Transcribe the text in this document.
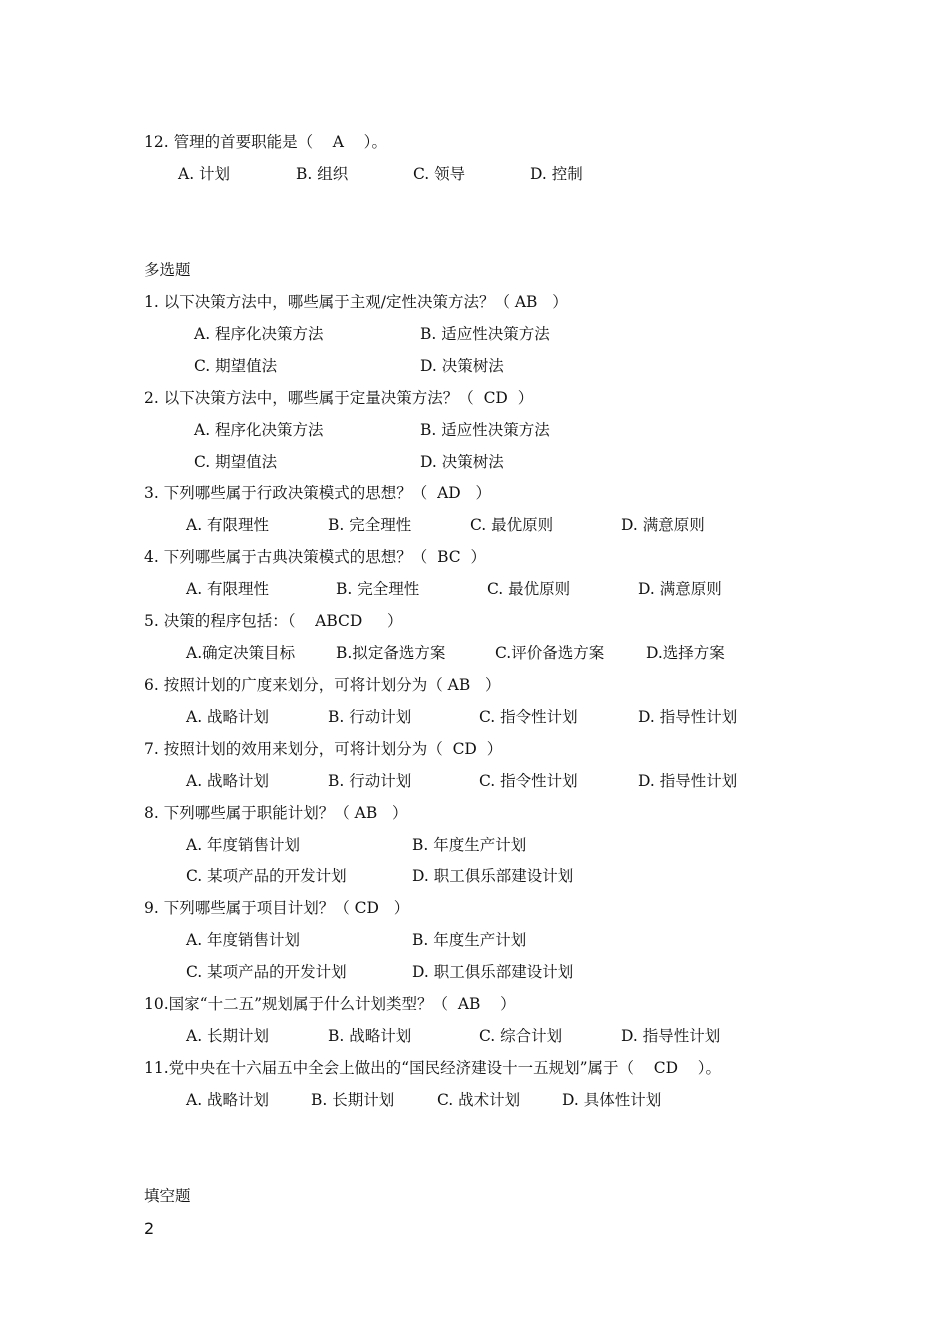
12. 管理的首要职能是（    A    ）。

A. 计划

	B. 组织

	C. 领导

	D. 控制

多选题
1. 以下决策方法中，哪些属于主观/定性决策方法？（ AB   ）

A. 程序化决策方法

	B. 适应性决策方法

C. 期望值法

	D. 决策树法

2. 以下决策方法中，哪些属于定量决策方法？（  CD  ）

A. 程序化决策方法

	B. 适应性决策方法

C. 期望值法

	D. 决策树法

3. 下列哪些属于行政决策模式的思想？（  AD   ）

A. 有限理性

	B. 完全理性

	C. 最优原则

	D. 满意原则

4. 下列哪些属于古典决策模式的思想？（  BC  ）

A. 有限理性

	B. 完全理性

	C. 最优原则

	D. 满意原则

5. 决策的程序包括：（    ABCD     ）

A.确定决策目标

	B.拟定备选方案

	C.评价备选方案

	D.选择方案

6. 按照计划的广度来划分，可将计划分为（ AB   ）

A. 战略计划

	B. 行动计划

	C. 指令性计划

	D. 指导性计划

7. 按照计划的效用来划分，可将计划分为（  CD  ）

A. 战略计划

	B. 行动计划

	C. 指令性计划

	D. 指导性计划

8. 下列哪些属于职能计划？（ AB   ）

A. 年度销售计划

	B. 年度生产计划

C. 某项产品的开发计划

	D. 职工俱乐部建设计划

9. 下列哪些属于项目计划？（ CD   ）

A. 年度销售计划

	B. 年度生产计划

C. 某项产品的开发计划

	D. 职工俱乐部建设计划

10.国家“十二五”规划属于什么计划类型？（  AB    ）

A. 长期计划

	B. 战略计划

	C. 综合计划

	D. 指导性计划

11.党中央在十六届五中全会上做出的“国民经济建设十一五规划”属于（    CD    ）。

A. 战略计划

	B. 长期计划

	C. 战术计划

	D. 具体性计划

填空题
2
